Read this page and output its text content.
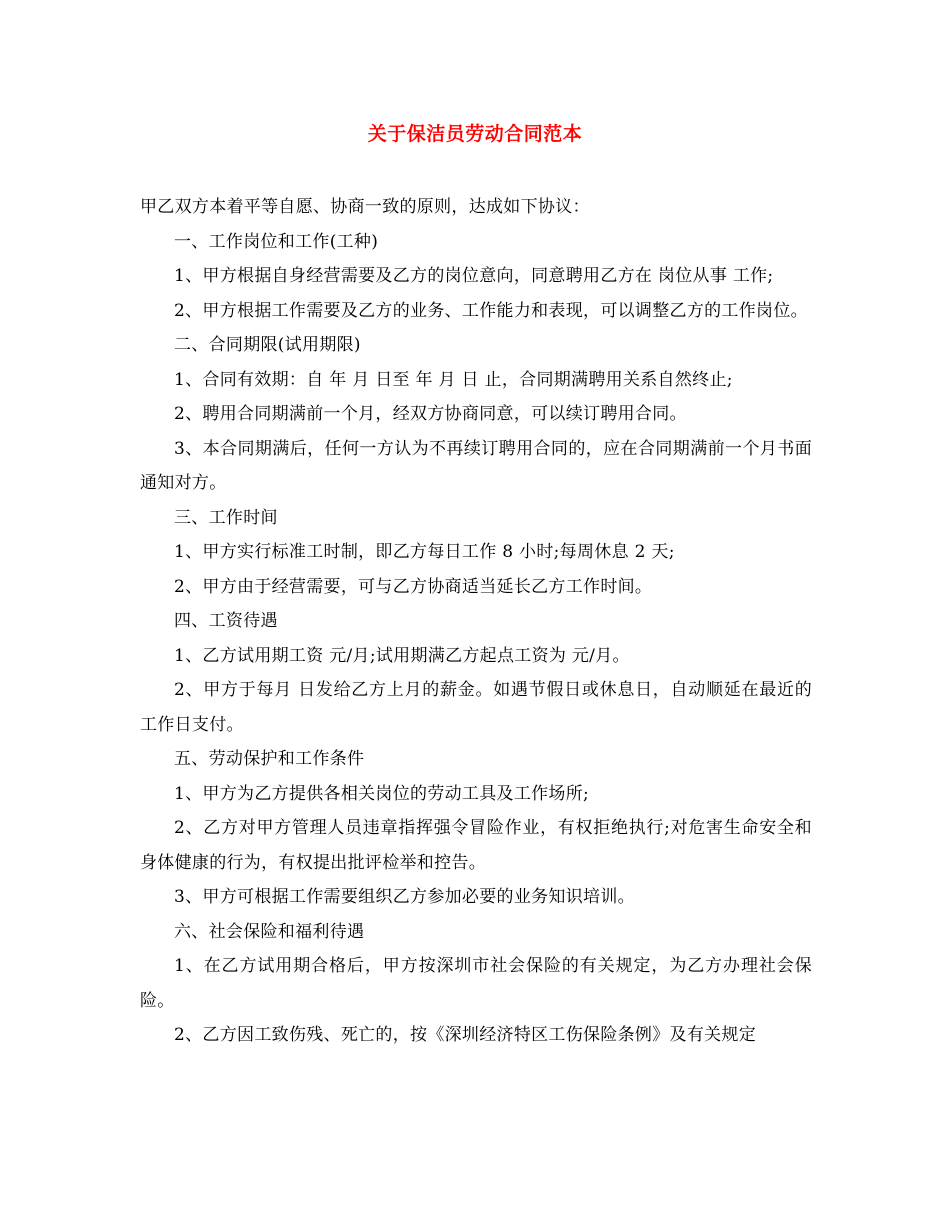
关于保洁员劳动合同范本

甲乙双方本着平等自愿、协商一致的原则，达成如下协议：

一、工作岗位和工作(工种)

1、甲方根据自身经营需要及乙方的岗位意向，同意聘用乙方在 岗位从事 工作;

2、甲方根据工作需要及乙方的业务、工作能力和表现，可以调整乙方的工作岗位。

二、合同期限(试用期限)

1、合同有效期：自 年 月 日至 年 月 日 止，合同期满聘用关系自然终止;

2、聘用合同期满前一个月，经双方协商同意，可以续订聘用合同。

3、本合同期满后，任何一方认为不再续订聘用合同的，应在合同期满前一个月书面通知对方。

三、工作时间

1、甲方实行标准工时制，即乙方每日工作 8 小时;每周休息 2 天;

2、甲方由于经营需要，可与乙方协商适当延长乙方工作时间。

四、工资待遇

1、乙方试用期工资 元/月;试用期满乙方起点工资为 元/月。

2、甲方于每月 日发给乙方上月的薪金。如遇节假日或休息日，自动顺延在最近的工作日支付。

五、劳动保护和工作条件

1、甲方为乙方提供各相关岗位的劳动工具及工作场所;

2、乙方对甲方管理人员违章指挥强令冒险作业，有权拒绝执行;对危害生命安全和身体健康的行为，有权提出批评检举和控告。

3、甲方可根据工作需要组织乙方参加必要的业务知识培训。

六、社会保险和福利待遇

1、在乙方试用期合格后，甲方按深圳市社会保险的有关规定，为乙方办理社会保险。

2、乙方因工致伤残、死亡的，按《深圳经济特区工伤保险条例》及有关规定
